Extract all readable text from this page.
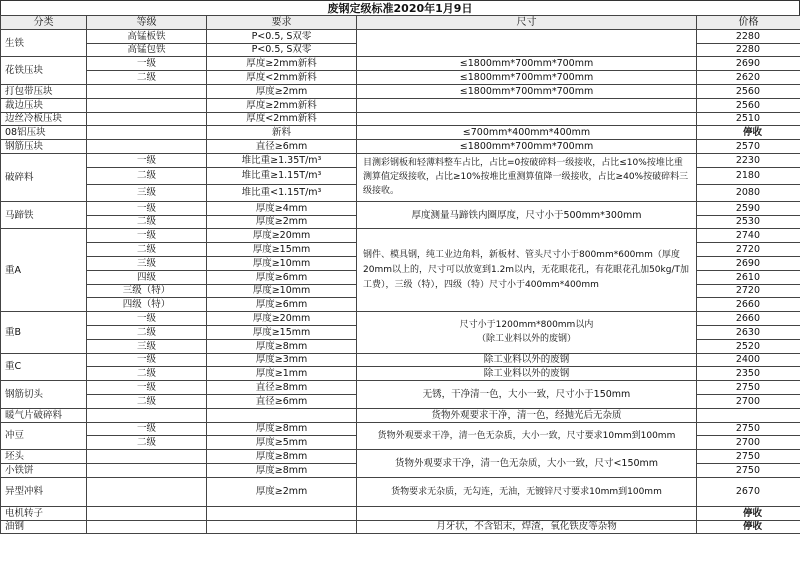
废钢定级标准2020年1月9日
分类	等级	要求	尺寸	价格
生铁	高锰板铁	P<0.5, S双零		2280
	高锰包铁	P<0.5, S双零		2280
花铁压块	一级	厚度≥2mm新料	≤1800mm*700mm*700mm	2690
	二级	厚度<2mm新料	≤1800mm*700mm*700mm	2620
打包带压块		厚度≥2mm	≤1800mm*700mm*700mm	2560
裁边压块		厚度≥2mm新料		2560
边丝冷板压块		厚度<2mm新料		2510
08铝压块		新料	≤700mm*400mm*400mm	停收
钢筋压块		直径≥6mm	≤1800mm*700mm*700mm	2570
破碎料	一级	堆比重≥1.35T/m³	目测彩钢板和轻薄料整车占比，占比=0按破碎料一级接收，占比≤10%按堆比重测算值定级接收，占比≥10%按堆比重测算值降一级接收，占比≥40%按破碎料三级接收。	2230
	二级	堆比重≥1.15T/m³		2180
	三级	堆比重<1.15T/m³		2080
马蹄铁	一级	厚度≥4mm	厚度测量马蹄铁内圈厚度，尺寸小于500mm*300mm	2590
	二级	厚度≥2mm		2530
重A	一级	厚度≥20mm	钢件、模具钢，纯工业边角料，新板材、管头尺寸小于800mm*600mm（厚度20mm以上的，尺寸可以放宽到1.2m以内，无花眼花孔，有花眼花孔加50kg/T加工费），三级（特），四级（特）尺寸小于400mm*400mm	2740
	二级	厚度≥15mm		2720
	三级	厚度≥10mm		2690
	四级	厚度≥6mm		2610
	三级（特）	厚度≥10mm		2720
	四级（特）	厚度≥6mm		2660
重B	一级	厚度≥20mm	尺寸小于1200mm*800mm以内
（除工业料以外的废钢）	2660
	二级	厚度≥15mm		2630
	三级	厚度≥8mm		2520
重C	一级	厚度≥3mm	除工业料以外的废钢	2400
	二级	厚度≥1mm	除工业料以外的废钢	2350
钢筋切头	一级	直径≥8mm	无锈，干净清一色，大小一致，尺寸小于150mm	2750
	二级	直径≥6mm		2700
暖气片破碎料			货物外观要求干净，清一色，经抛光后无杂质	
冲豆	一级	厚度≥8mm	货物外观要求干净，清一色无杂质，大小一致，尺寸要求10mm到100mm	2750
	二级	厚度≥5mm		2700
坯头		厚度≥8mm	货物外观要求干净，清一色无杂质，大小一致，尺寸<150mm	2750
小铁饼		厚度≥8mm		2750
异型冲料		厚度≥2mm	货物要求无杂质，无勾连，无油，无镀锌尺寸要求10mm到100mm	2670
电机转子				停收
油钢			月牙状，不含铝末，焊渣，氧化铁皮等杂物	停收
